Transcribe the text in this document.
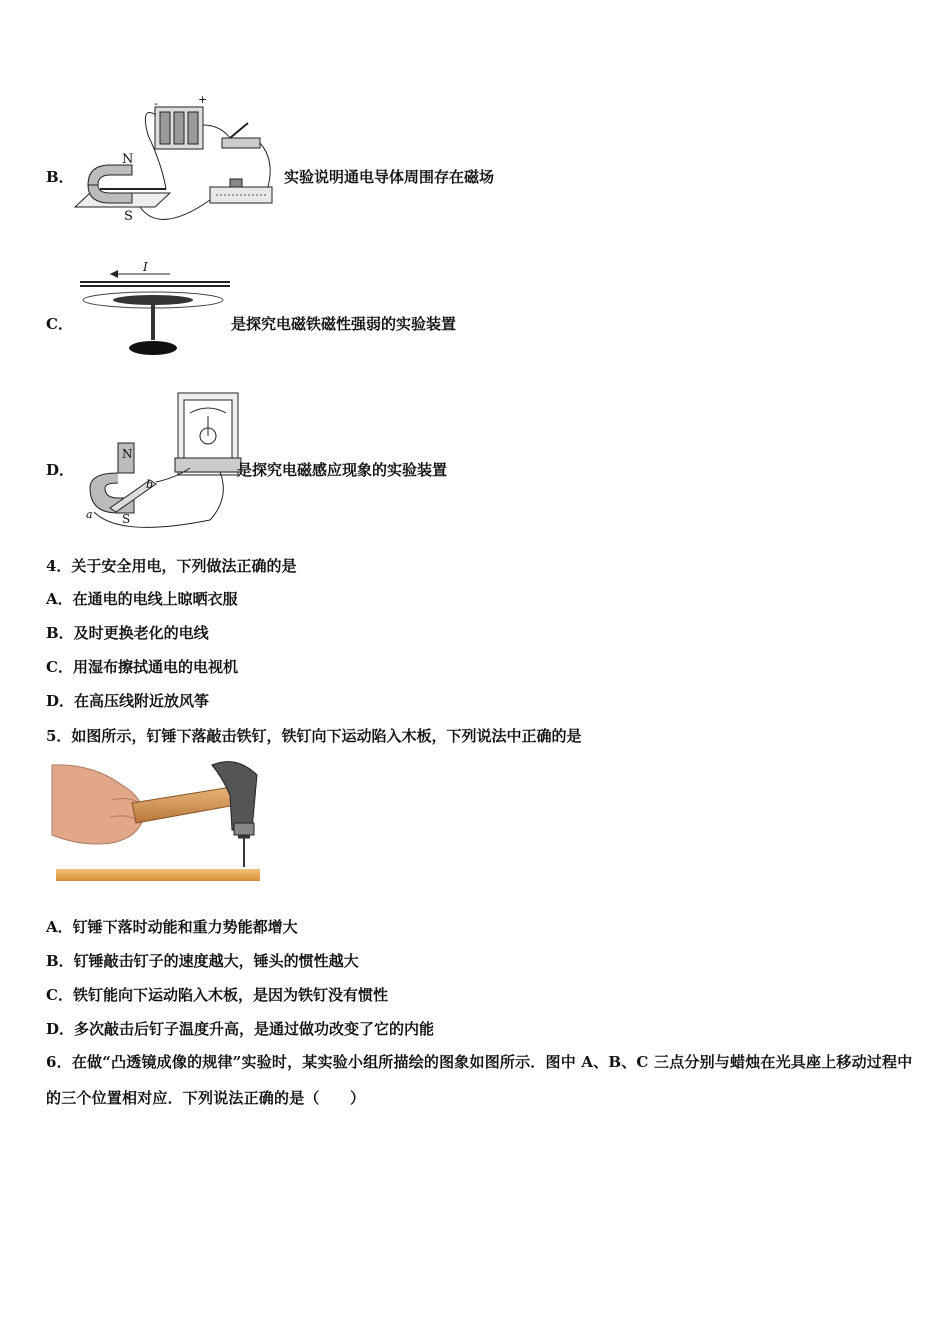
B．
-	+
N
S
实验说明通电导体周围存在磁场
C．
I
是探究电磁铁磁性强弱的实验装置
D．
N
S
a
b
是探究电磁感应现象的实验装置
4．关于安全用电，下列做法正确的是
A．在通电的电线上晾晒衣服
B．及时更换老化的电线
C．用湿布擦拭通电的电视机
D．在高压线附近放风筝
5．如图所示，钉锤下落敲击铁钉，铁钉向下运动陷入木板，下列说法中正确的是
A．钉锤下落时动能和重力势能都增大
B．钉锤敲击钉子的速度越大，锤头的惯性越大
C．铁钉能向下运动陷入木板，是因为铁钉没有惯性
D．多次敲击后钉子温度升高，是通过做功改变了它的内能
6．在做“凸透镜成像的规律”实验时，某实验小组所描绘的图象如图所示．图中 A、B、C 三点分别与蜡烛在光具座上移动过程中的三个位置相对应．下列说法正确的是（　　）
